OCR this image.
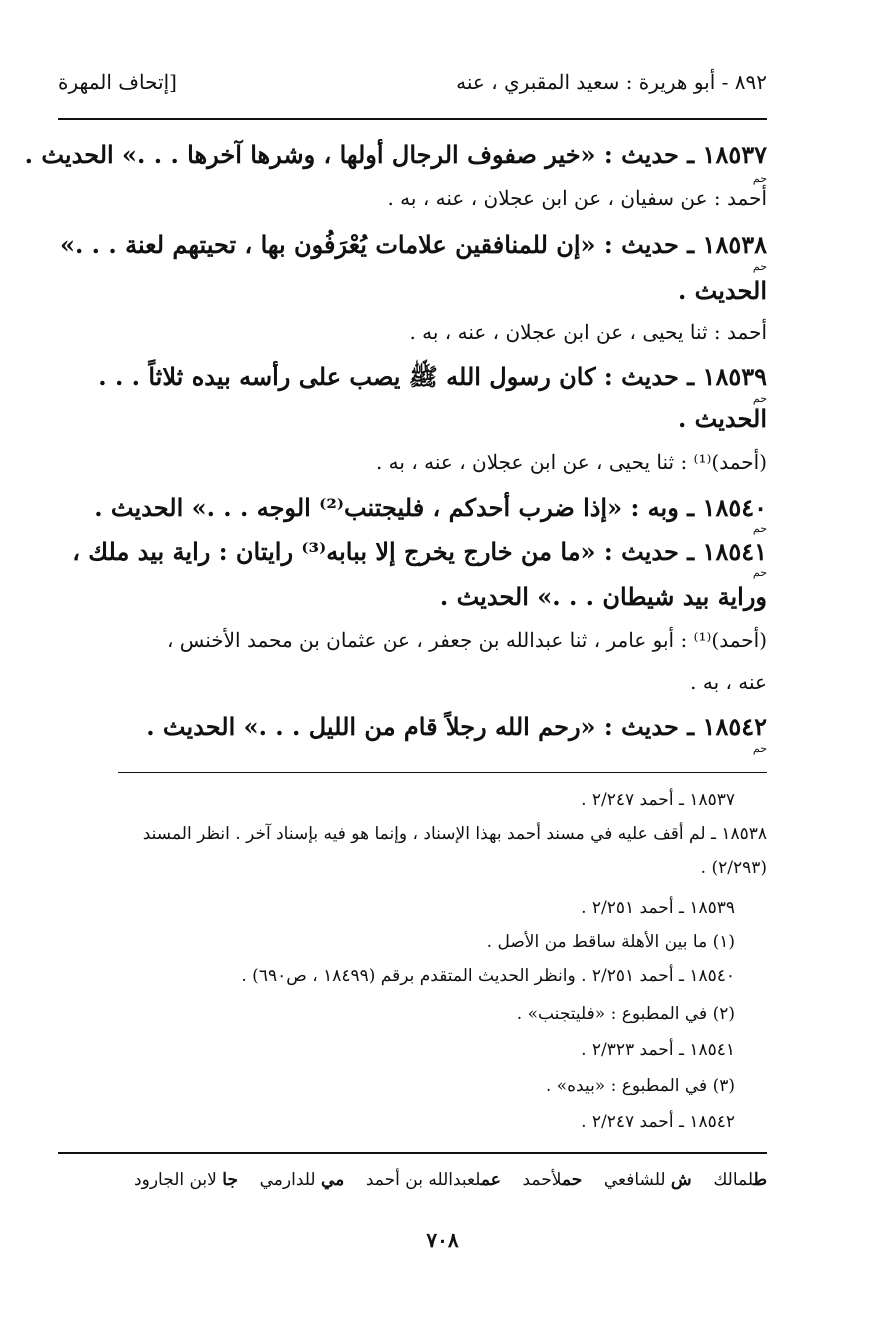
٨٩٢ - أبو هريرة : سعيد المقبري ، عنه
[إتحاف المهرة
١٨٥٣٧ ـ حديث : «خير صفوف الرجال أولها ، وشرها آخرها . . .» الحديث .
حم
أحمد : عن سفيان ، عن ابن عجلان ، عنه ، به .
١٨٥٣٨ ـ حديث : «إن للمنافقين علامات يُعْرَفُون بها ، تحيتهم لعنة . . .»
حم
الحديث .
أحمد : ثنا يحيى ، عن ابن عجلان ، عنه ، به .
١٨٥٣٩ ـ حديث : كان رسول الله ﷺ يصب على رأسه بيده ثلاثاً . . .
حم
الحديث .
(أحمد)⁽¹⁾ : ثنا يحيى ، عن ابن عجلان ، عنه ، به .
١٨٥٤٠ ـ وبه : «إذا ضرب أحدكم ، فليجتنب⁽²⁾ الوجه . . .» الحديث .
حم
١٨٥٤١ ـ حديث : «ما من خارج يخرج إلا ببابه⁽³⁾ رايتان : راية بيد ملك ،
حم
وراية بيد شيطان . . .» الحديث .
(أحمد)⁽¹⁾ : أبو عامر ، ثنا عبدالله بن جعفر ، عن عثمان بن محمد الأخنس ،
عنه ، به .
١٨٥٤٢ ـ حديث : «رحم الله رجلاً قام من الليل . . .» الحديث .
حم
١٨٥٣٧ ـ أحمد ٢/٢٤٧ .
١٨٥٣٨ ـ لم أقف عليه في مسند أحمد بهذا الإسناد ، وإنما هو فيه بإسناد آخر . انظر المسند
(٢/٢٩٣) .
١٨٥٣٩ ـ أحمد ٢/٢٥١ .
(١) ما بين الأهلة ساقط من الأصل .
١٨٥٤٠ ـ أحمد ٢/٢٥١ . وانظر الحديث المتقدم برقم (١٨٤٩٩ ، ص٦٩٠) .
(٢) في المطبوع : «فليتجنب» .
١٨٥٤١ ـ أحمد ٢/٣٢٣ .
(٣) في المطبوع : «بيده» .
١٨٥٤٢ ـ أحمد ٢/٢٤٧ .
طلمالك    ش للشافعي    حملأحمد    عملعبدالله بن أحمد    مي للدارمي    جا لابن الجارود
٧٠٨
